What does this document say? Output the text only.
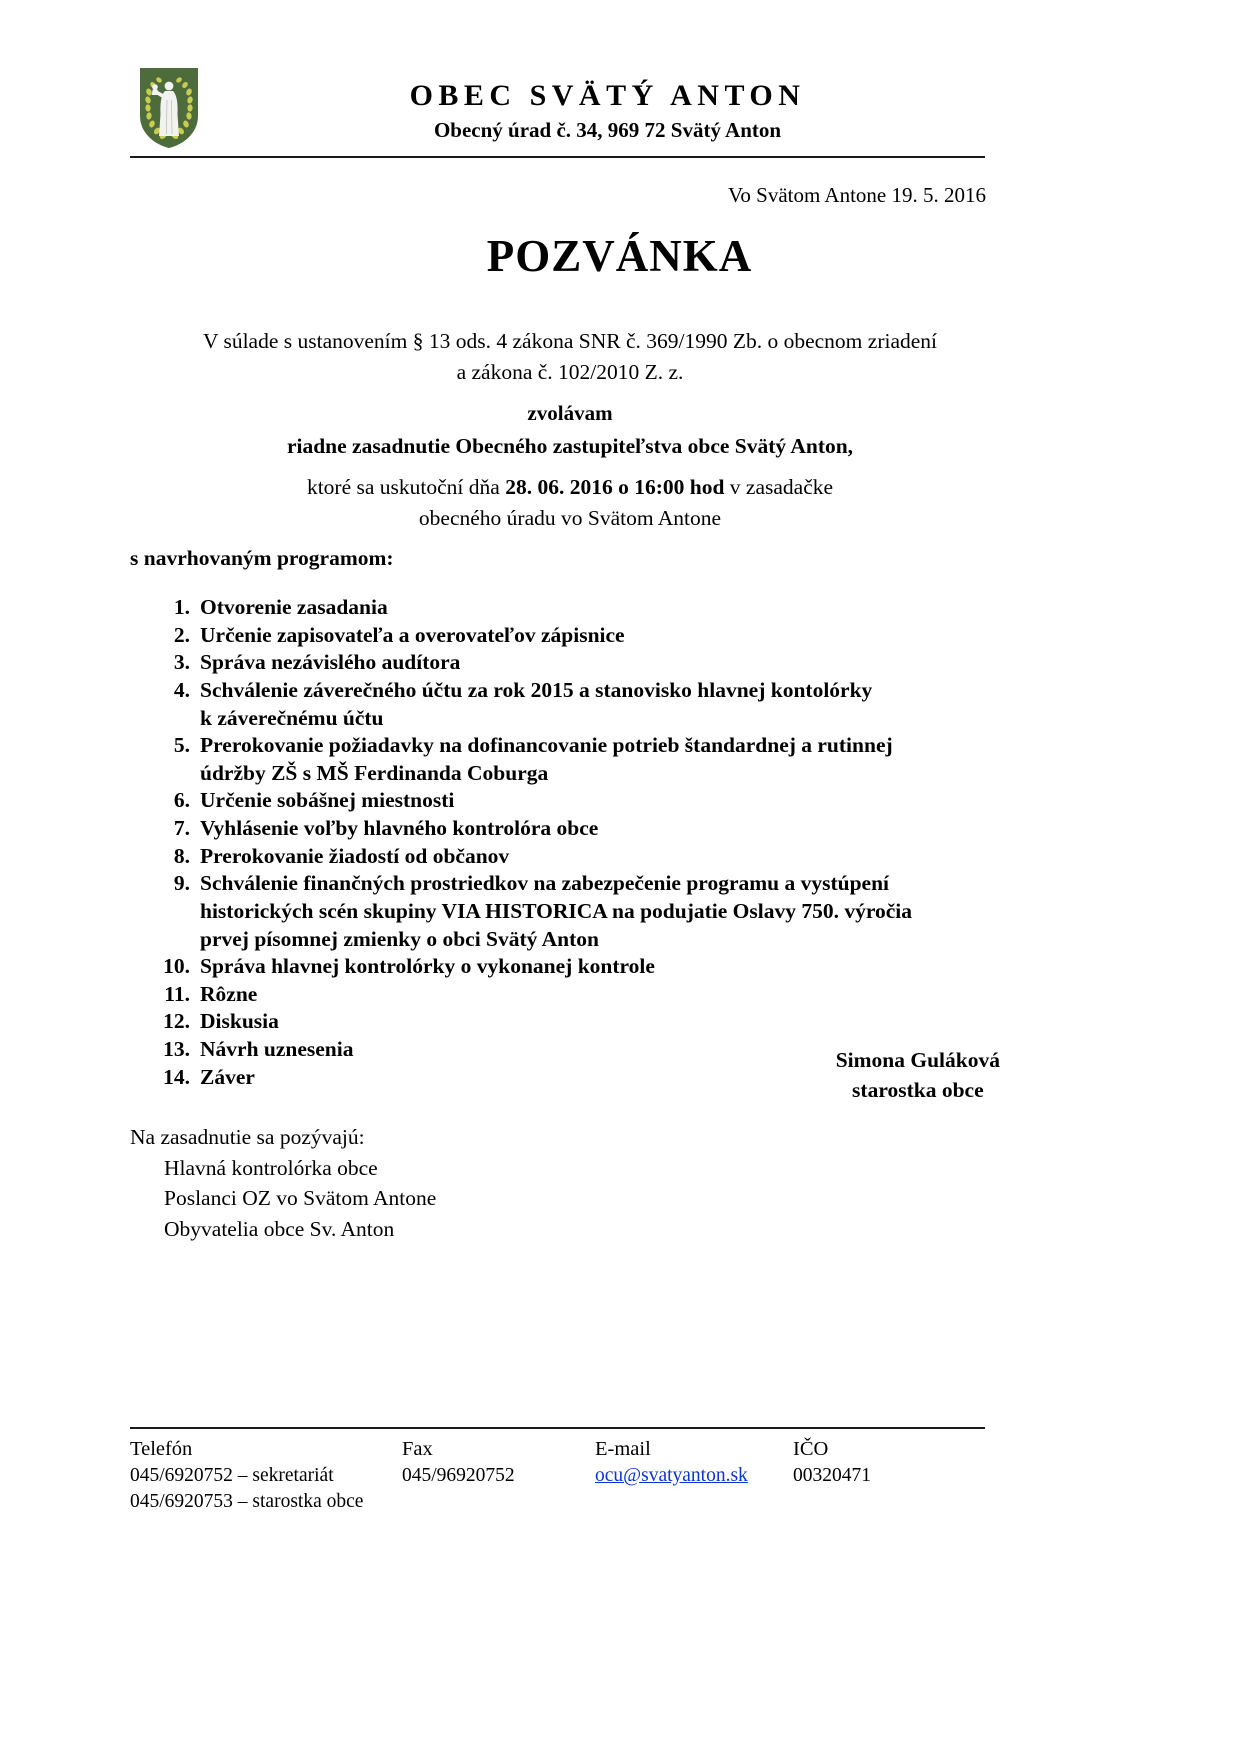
OBEC SVÄTÝ ANTON
Obecný úrad č. 34, 969 72 Svätý Anton
Vo Svätom Antone 19. 5. 2016
POZVÁNKA
V súlade s ustanovením § 13 ods. 4 zákona SNR č. 369/1990 Zb. o obecnom zriadení
a zákona č. 102/2010 Z. z.
zvolávam
riadne zasadnutie Obecného zastupiteľstva obce Svätý Anton,
ktoré sa uskutoční dňa 28. 06. 2016 o 16:00 hod v zasadačke
obecného úradu vo Svätom Antone
s navrhovaným programom:
1. Otvorenie zasadania
2. Určenie zapisovateľa a overovateľov zápisnice
3. Správa nezávislého audítora
4. Schválenie záverečného účtu za rok 2015 a stanovisko hlavnej kontolórky
k záverečnému účtu
5. Prerokovanie požiadavky na dofinancovanie potrieb štandardnej a rutinnej
údržby ZŠ s MŠ Ferdinanda Coburga
6. Určenie sobášnej miestnosti
7. Vyhlásenie voľby hlavného kontrolóra obce
8. Prerokovanie žiadostí od občanov
9. Schválenie finančných prostriedkov na zabezpečenie programu a vystúpení
historických scén skupiny VIA HISTORICA na podujatie Oslavy 750. výročia prvej písomnej zmienky o obci Svätý Anton
10. Správa hlavnej kontrolórky o vykonanej kontrole
11. Rôzne
12. Diskusia
13. Návrh uznesenia
14. Záver
Simona Guláková
starostka obce

Na zasadnutie sa pozývajú:

Hlavná kontrolórka obce

Poslanci OZ vo Svätom Antone

Obyvatelia obce Sv. Anton

Telefón	Fax	E-mail	IČO
045/6920752 – sekretariát	045/96920752	ocu@svatyanton.sk	00320471
045/6920753 – starostka obce
